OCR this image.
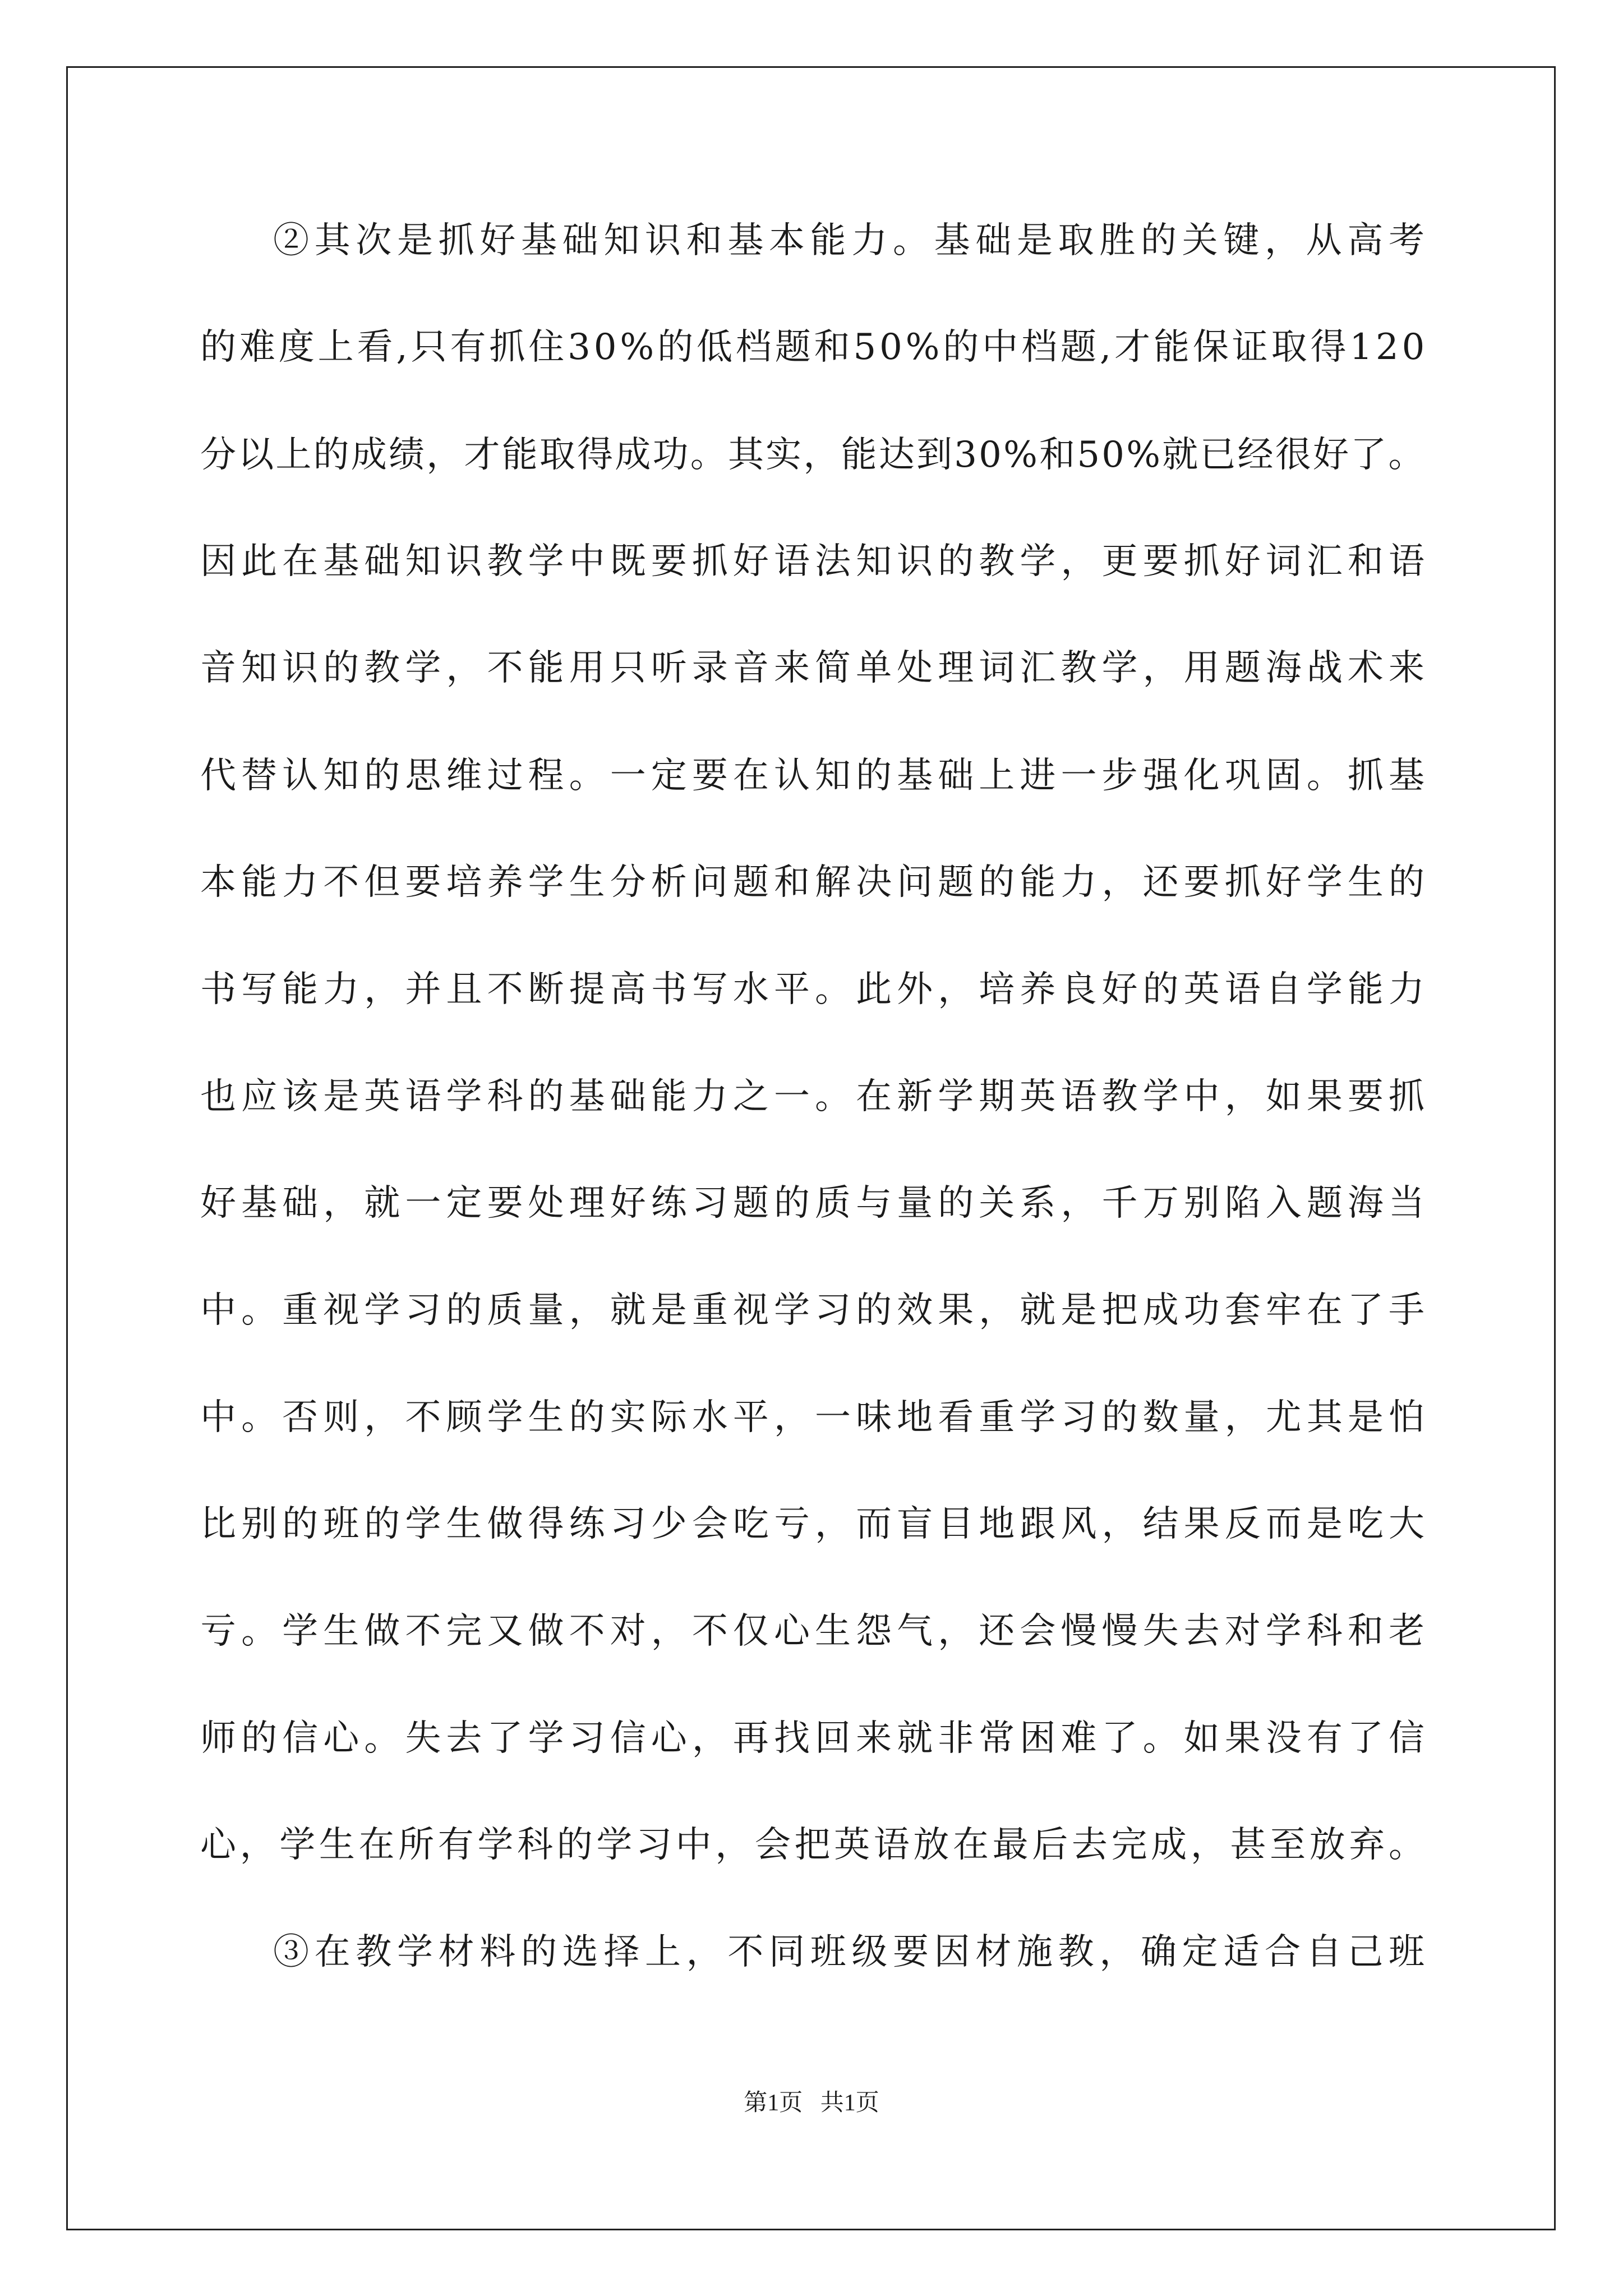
②其次是抓好基础知识和基本能力。基础是取胜的关键，从高考

的难度上看,只有抓住30%的低档题和50%的中档题,才能保证取得120

分以上的成绩，才能取得成功。其实，能达到30%和50%就已经很好了。

因此在基础知识教学中既要抓好语法知识的教学，更要抓好词汇和语

音知识的教学，不能用只听录音来简单处理词汇教学，用题海战术来

代替认知的思维过程。一定要在认知的基础上进一步强化巩固。抓基

本能力不但要培养学生分析问题和解决问题的能力，还要抓好学生的

书写能力，并且不断提高书写水平。此外，培养良好的英语自学能力

也应该是英语学科的基础能力之一。在新学期英语教学中，如果要抓

好基础，就一定要处理好练习题的质与量的关系，千万别陷入题海当

中。重视学习的质量，就是重视学习的效果，就是把成功套牢在了手

中。否则，不顾学生的实际水平，一味地看重学习的数量，尤其是怕

比别的班的学生做得练习少会吃亏，而盲目地跟风，结果反而是吃大

亏。学生做不完又做不对，不仅心生怨气，还会慢慢失去对学科和老

师的信心。失去了学习信心，再找回来就非常困难了。如果没有了信

心，学生在所有学科的学习中，会把英语放在最后去完成，甚至放弃。

③在教学材料的选择上，不同班级要因材施教，确定适合自己班

第1页   共1页
